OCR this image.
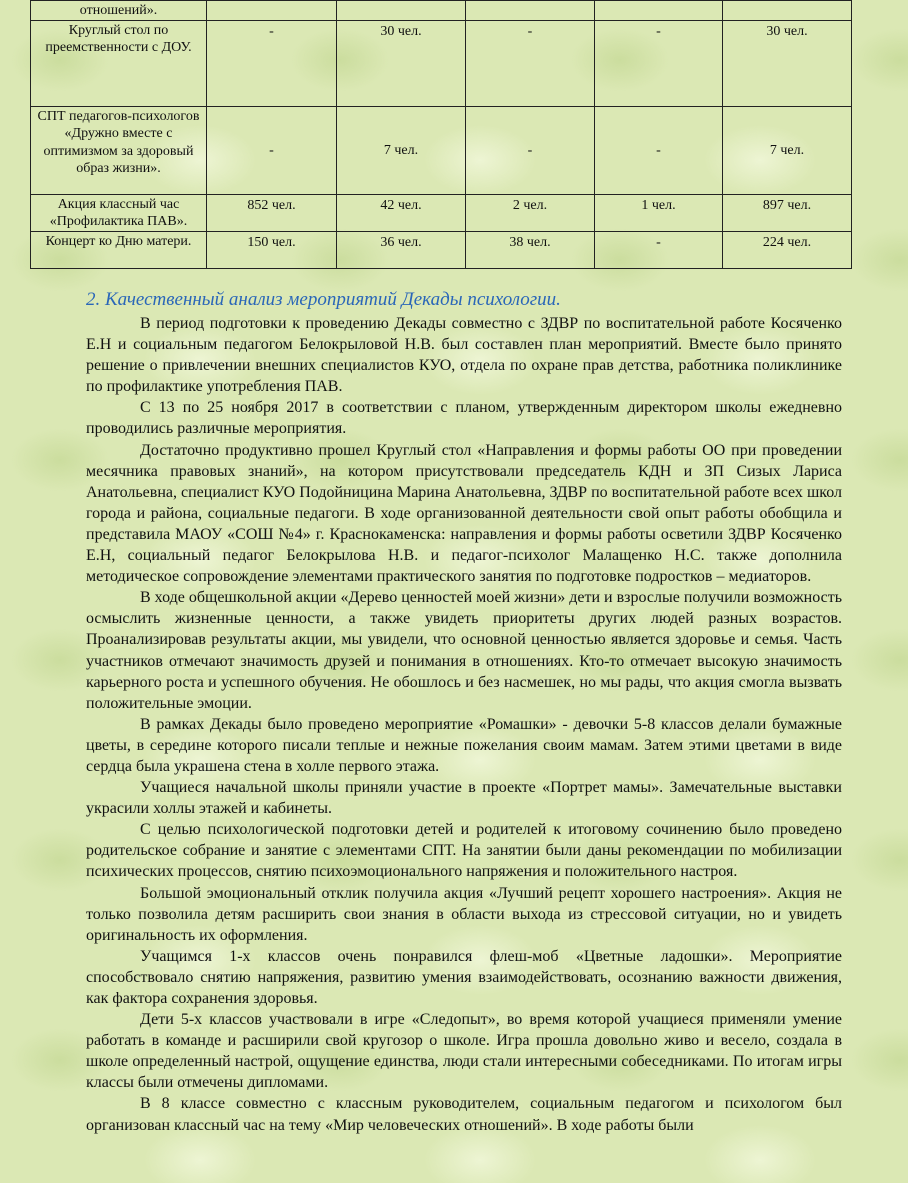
отношений».					
Круглый стол по преемственности с ДОУ.	-	30 чел.	-	-	30 чел.
СПТ педагогов-психологов «Дружно вместе с оптимизмом за здоровый образ жизни».	-	7 чел.	-	-	7 чел.
Акция классный час «Профилактика ПАВ».	852 чел.	42 чел.	2 чел.	1 чел.	897 чел.
Концерт ко Дню матери.	150 чел.	36 чел.	38 чел.	-	224 чел.
2. Качественный анализ мероприятий Декады психологии.

В период подготовки к проведению Декады совместно с ЗДВР по воспитательной работе Косяченко Е.Н и социальным педагогом Белокрыловой Н.В. был составлен план мероприятий. Вместе было принято решение о привлечении внешних специалистов КУО, отдела по охране прав детства, работника поликлинике по профилактике употребления ПАВ.

С 13 по 25 ноября 2017 в соответствии с планом, утвержденным директором школы ежедневно проводились различные мероприятия.

Достаточно продуктивно прошел Круглый стол «Направления и формы работы ОО при проведении месячника правовых знаний», на котором присутствовали председатель КДН и ЗП Сизых Лариса Анатольевна, специалист КУО Подойницина Марина Анатольевна, ЗДВР по воспитательной работе всех школ города и района, социальные педагоги. В ходе организованной деятельности свой опыт работы обобщила и представила МАОУ «СОШ №4» г. Краснокаменска: направления и формы работы осветили ЗДВР Косяченко Е.Н, социальный педагог Белокрылова Н.В. и педагог-психолог Малащенко Н.С. также дополнила методическое сопровождение элементами практического занятия по подготовке подростков – медиаторов.

В ходе общешкольной акции «Дерево ценностей моей жизни» дети и взрослые получили возможность осмыслить жизненные ценности, а также увидеть приоритеты других людей разных возрастов. Проанализировав результаты акции, мы увидели, что основной ценностью является здоровье и семья. Часть участников отмечают значимость друзей и понимания в отношениях. Кто-то отмечает высокую значимость карьерного роста и успешного обучения. Не обошлось и без насмешек, но мы рады, что акция смогла вызвать положительные эмоции.

В рамках Декады было проведено мероприятие «Ромашки» - девочки 5-8 классов делали бумажные цветы, в середине которого писали теплые и нежные пожелания своим мамам. Затем этими цветами в виде сердца была украшена стена в холле первого этажа.

Учащиеся начальной школы приняли участие в проекте «Портрет мамы». Замечательные выставки украсили холлы этажей и кабинеты.

С целью психологической подготовки детей и родителей к итоговому сочинению было проведено родительское собрание и занятие с элементами СПТ. На занятии были даны рекомендации по мобилизации психических процессов, снятию психоэмоционального напряжения и положительного настроя.

Большой эмоциональный отклик получила акция «Лучший рецепт хорошего настроения». Акция не только позволила детям расширить свои знания в области выхода из стрессовой ситуации, но и увидеть оригинальность их оформления.

Учащимся 1-х классов очень понравился флеш-моб «Цветные ладошки». Мероприятие способствовало снятию напряжения, развитию умения взаимодействовать, осознанию важности движения, как фактора сохранения здоровья.

Дети 5-х классов участвовали в игре «Следопыт», во время которой учащиеся применяли умение работать в команде и расширили свой кругозор о школе. Игра прошла довольно живо и весело, создала в школе определенный настрой, ощущение единства, люди стали интересными собеседниками. По итогам игры классы были отмечены дипломами.

В 8 классе совместно с классным руководителем, социальным педагогом и психологом был организован классный час на тему «Мир человеческих отношений». В ходе работы были
